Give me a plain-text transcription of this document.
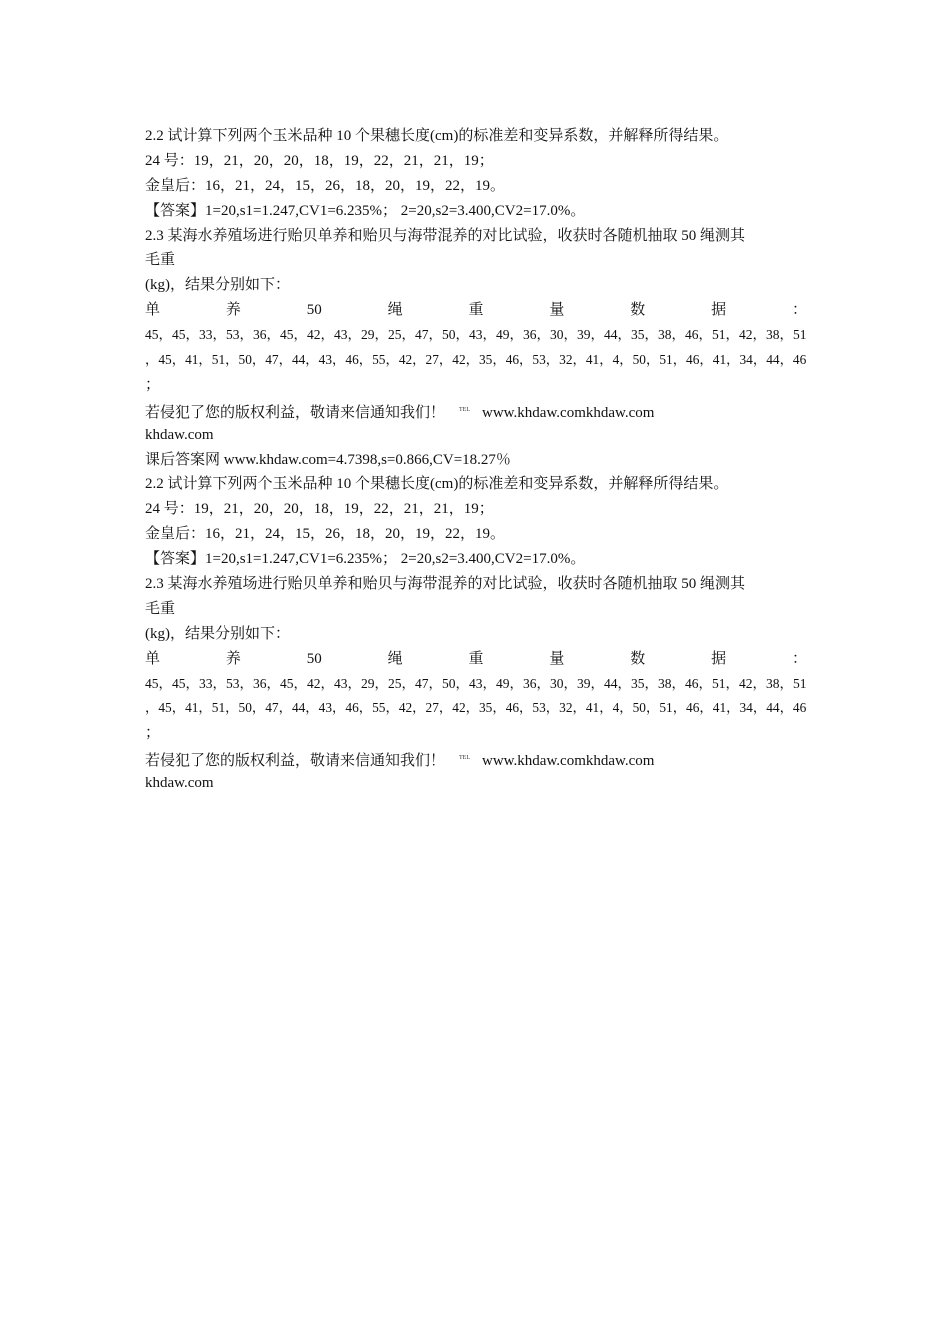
2.2 试计算下列两个玉米品种 10 个果穗长度(cm)的标准差和变异系数，并解释所得结果。
24 号：19，21，20，20，18，19，22，21，21，19；
金皇后：16，21，24，15，26，18，20，19，22，19。
【答案】1=20,s1=1.247,CV1=6.235%； 2=20,s2=3.400,CV2=17.0%。
2.3 某海水养殖场进行贻贝单养和贻贝与海带混养的对比试验，收获时各随机抽取 50 绳测其
毛重
(kg)，结果分别如下：
单	养	50	绳	重	量	数	据	：
45，45，33，53，36，45，42，43，29，25，47，50，43，49，36，30，39，44，35，38，46，51，42，38，51
，45，41，51，50，47，44，43，46，55，42，27，42，35，46，53，32，41，4，50，51，46，41，34，44，46
；
若侵犯了您的版权利益，敬请来信通知我们！ $^{TEL}$ www.khdaw.comkhdaw.com
khdaw.com
课后答案网 www.khdaw.com=4.7398,s=0.866,CV=18.27％
2.2 试计算下列两个玉米品种 10 个果穗长度(cm)的标准差和变异系数，并解释所得结果。
24 号：19，21，20，20，18，19，22，21，21，19；
金皇后：16，21，24，15，26，18，20，19，22，19。
【答案】1=20,s1=1.247,CV1=6.235%； 2=20,s2=3.400,CV2=17.0%。
2.3 某海水养殖场进行贻贝单养和贻贝与海带混养的对比试验，收获时各随机抽取 50 绳测其
毛重
(kg)，结果分别如下：
单	养	50	绳	重	量	数	据	：
45，45，33，53，36，45，42，43，29，25，47，50，43，49，36，30，39，44，35，38，46，51，42，38，51
，45，41，51，50，47，44，43，46，55，42，27，42，35，46，53，32，41，4，50，51，46，41，34，44，46
；
若侵犯了您的版权利益，敬请来信通知我们！ $^{TEL}$ www.khdaw.comkhdaw.com
khdaw.com
